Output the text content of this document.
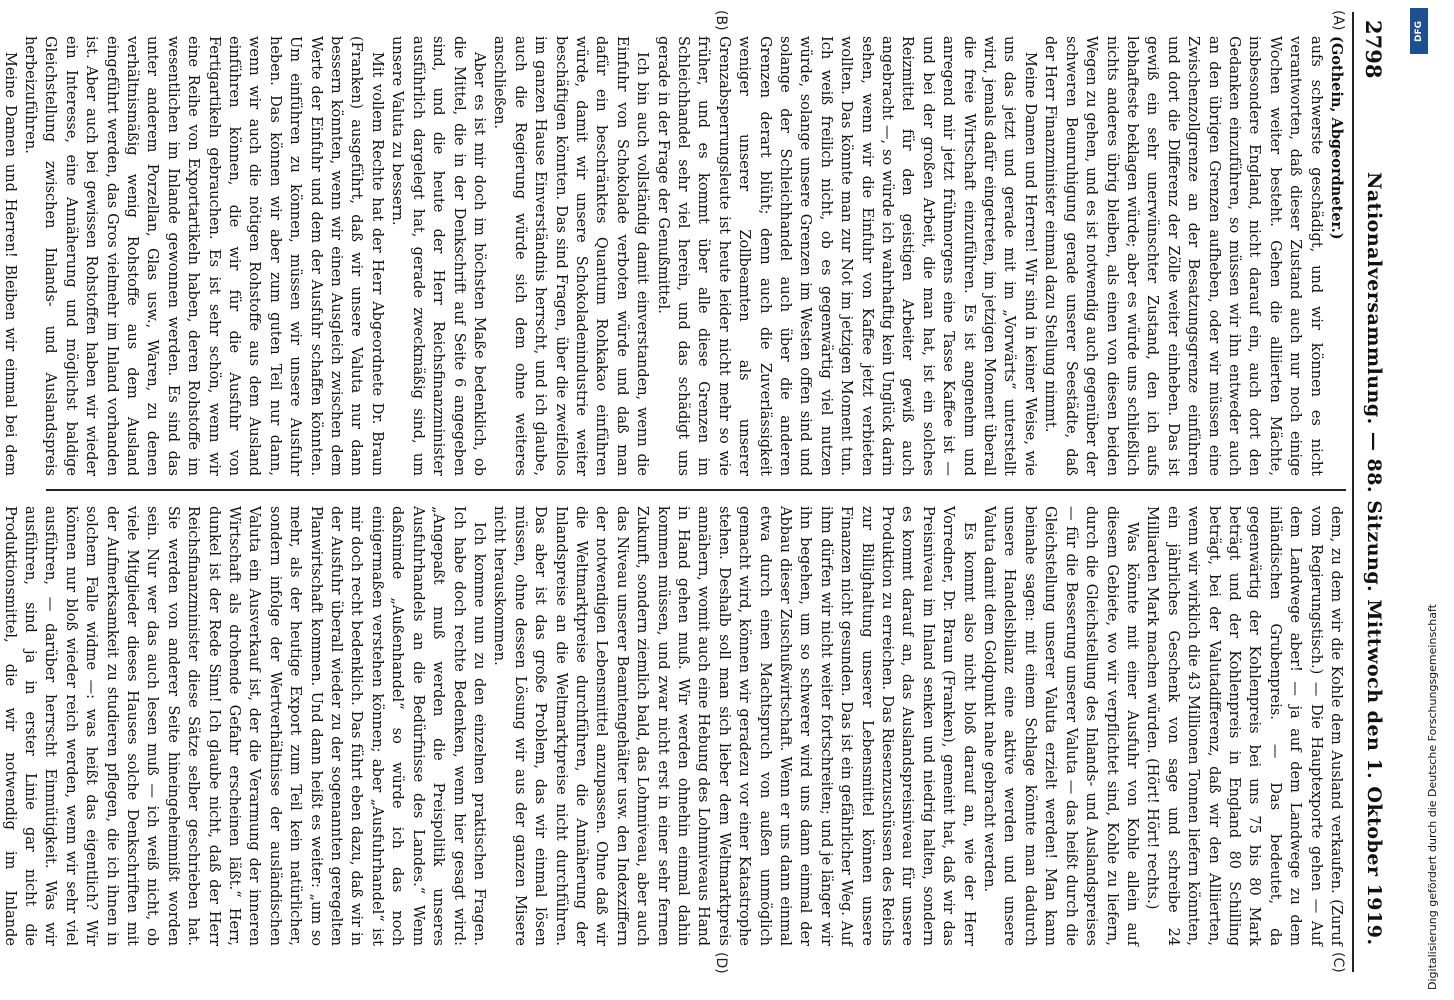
2798
Nationalversammlung. — 88. Sitzung. Mittwoch den 1. Oktober 1919.
(A)
(B)
(C)
(D)

(Gothein, Abgeordneter.)

aufs schwerste geschädigt, und wir können es nicht verantworten, daß dieser Zustand auch nur noch einige Wochen weiter besteht. Gehen die alliierten Mächte, insbesondere England, nicht darauf ein, auch dort den Gedanken einzuführen, so müssen wir ihn entweder auch an den übrigen Grenzen aufheben, oder wir müssen eine Zwischenzollgrenze an der Besatzungsgrenze einführen und dort die Differenz der Zölle weiter einheben. Das ist gewiß ein sehr unerwünschter Zustand, den ich aufs lebhafteste beklagen würde; aber es würde uns schließlich nichts anderes übrig bleiben, als einen von diesen beiden Wegen zu gehen, und es ist notwendig auch gegenüber der schweren Beunruhigung gerade unserer Seestädte, daß der Herr Finanzminister einmal dazu Stellung nimmt.

Meine Damen und Herren! Wir sind in keiner Weise, wie uns das jetzt und gerade mit im „Vorwärts“ unterstellt wird, jemals dafür eingetreten, im jetzigen Moment überall die freie Wirtschaft einzuführen. Es ist angenehm und anregend mir jetzt frühmorgens eine Tasse Kaffee ist — und bei der großen Arbeit, die man hat, ist ein solches Reizmittel für den geistigen Arbeiter gewiß auch angebracht —, so würde ich wahrhaftig kein Unglück darin sehen, wenn wir die Einfuhr von Kaffee jetzt verbieten wollten. Das könnte man zur Not im jetzigen Moment tun. Ich weiß freilich nicht, ob es gegenwärtig viel nutzen würde, solange unsere Grenzen im Westen offen sind und solange der Schleichhandel auch über die anderen Grenzen derart blüht; denn auch die Zuverlässigkeit weniger unserer Zollbeamten als unserer Grenzabsperrungsleute ist heute leider nicht mehr so wie früher, und es kommt über alle diese Grenzen im Schleichhandel sehr viel herein, und das schädigt uns gerade in der Frage der Genußmittel.

Ich bin auch vollständig damit einverstanden, wenn die Einfuhr von Schokolade verboten würde und daß man dafür ein beschränktes Quantum Rohkakao einführen würde, damit wir unsere Schokoladenindustrie weiter beschäftigen könnten. Das sind Fragen, über die zweifellos im ganzen Hause Einverständnis herrscht, und ich glaube, auch die Regierung würde sich dem ohne weiteres anschließen.

Aber es ist mir doch im höchsten Maße bedenklich, ob die Mittel, die in der Denkschrift auf Seite 6 angegeben sind, und die heute der Herr Reichsfinanzminister ausführlich dargelegt hat, gerade zweckmäßig sind, um unsere Valuta zu bessern.

Mit vollem Rechte hat der Herr Abgeordnete Dr. Braun (Franken) ausgeführt, daß wir unsere Valuta nur dann bessern könnten, wenn wir einen Ausgleich zwischen dem Werte der Einfuhr und dem der Ausfuhr schaffen könnten. Um einführen zu können, müssen wir unsere Ausfuhr heben. Das können wir aber zum guten Teil nur dann, wenn wir auch die nötigen Rohstoffe aus dem Ausland einführen können, die wir für die Ausfuhr von Fertigartikeln gebrauchen. Es ist sehr schön, wenn wir eine Reihe von Exportartikeln haben, deren Rohstoffe im wesentlichen im Inlande gewonnen werden. Es sind das unter anderem Porzellan, Glas usw., Waren, zu denen verhältnismäßig wenig Rohstoffe aus dem Ausland eingeführt werden, das Gros vielmehr im Inland vorhanden ist. Aber auch bei gewissen Rohstoffen haben wir wieder ein Interesse, eine Annäherung und möglichst baldige Gleichstellung zwischen Inlands- und Auslandspreis herbeizuführen.

Meine Damen und Herren! Bleiben wir einmal bei dem

dem, zu dem wir die Kohle dem Ausland verkaufen. (Zuruf vom Regierungstisch.) — Die Hauptexporte gehen — Auf dem Landwege aber! — ja auf dem Landwege zu dem inländischen Grubenpreis. — Das bedeutet, da gegenwärtig der Kohlenpreis bei uns 75 bis 80 Mark beträgt und der Kohlenpreis in England 80 Schilling beträgt, bei der Valutadifferenz, daß wir den Alliierten, wenn wir wirklich die 43 Millionen Tonnen liefern könnten, ein jährliches Geschenk von sage und schreibe 24 Milliarden Mark machen würden. (Hört! Hört! rechts.)

Was könnte mit einer Ausfuhr von Kohle allein auf diesem Gebiete, wo wir verpflichtet sind, Kohle zu liefern, durch die Gleichstellung des Inlands- und Auslandspreises — für die Besserung unserer Valuta — das heißt durch die Gleichstellung unserer Valuta erzielt werden! Man kann beinahe sagen: mit einem Schlage könnte man dadurch unsere Handelsbilanz eine aktive werden und unsere Valuta damit dem Goldpunkt nahe gebracht werden.

Es kommt also nicht bloß darauf an, wie der Herr Vorredner, Dr. Braun (Franken), gemeint hat, daß wir das Preisniveau im Inland senken und niedrig halten, sondern es kommt darauf an, das Auslandspreisniveau für unsere Produktion zu erreichen. Das Riesenzuschüssen des Reichs zur Billighaltung unserer Lebensmittel können unsere Finanzen nicht gesunden. Das ist ein gefährlicher Weg. Auf ihm dürfen wir nicht weiter fortschreiten; und je länger wir ihn begehen, um so schwerer wird uns dann einmal der Abbau dieser Zuschußwirtschaft. Wenn er uns dann einmal etwa durch einen Machtspruch von außen unmöglich gemacht wird, können wir geradezu vor einer Katastrophe stehen. Deshalb soll man sich lieber dem Weltmarktpreis annähern, womit auch eine Hebung des Lohnniveaus Hand in Hand gehen muß. Wir werden ohnehin einmal dahin kommen müssen, und zwar nicht erst in einer sehr fernen Zukunft, sondern ziemlich bald, das Lohnniveau, aber auch das Niveau unserer Beamtengehälter usw. den Indexziffern der notwendigen Lebensmittel anzupassen. Ohne daß wir die Weltmarktpreise durchführen, die Annäherung der Inlandspreise an die Weltmarktpreise nicht durchführen. Das aber ist das große Problem, das wir einmal lösen müssen, ohne dessen Lösung wir aus der ganzen Misere nicht herauskommen.

Ich komme nun zu den einzelnen praktischen Fragen. Ich habe doch rechte Bedenken, wenn hier gesagt wird: „Angepaßt muß werden die Preispolitik unseres Ausfuhrhandels an die Bedürfnisse des Landes.“ Wenn daßnimde „Außenhandel“ so würde ich das noch einigermaßen verstehen können; aber „Ausfuhrhandel“ ist mir doch recht bedenklich. Das führt eben dazu, daß wir in der Ausfuhr überall wieder zu der sogenannten geregelten Planwirtschaft kommen. Und dann heißt es weiter: „um so mehr, als der heutige Export zum Teil kein natürlicher, sondern infolge der Wertverhältnisse der ausländischen Valuta ein Ausverkauf ist, der die Verarmung der inneren Wirtschaft als drohende Gefahr erscheinen läßt.“ Herr, dunkel ist der Rede Sinn! Ich glaube nicht, daß der Herr Reichsfinanzminister diese Sätze selber geschrieben hat. Sie werden von anderer Seite hineingeheimnißt worden sein. Nur wer das auch lesen muß — ich weiß nicht, ob viele Mitglieder dieses Hauses solche Denkschriften mit der Aufmerksamkeit zu studieren pflegen, die ich ihnen in solchem Falle widme —: was heißt das eigentlich? Wir können nur bloß wieder reich werden, wenn wir sehr viel ausführen, — darüber herrscht Einmütigkeit. Was wir ausführen, sind ja in erster Linie gar nicht die Produktionsmittel, die wir notwendig im Inlande

DFG
Digitalisierung gefördert durch die Deutsche Forschungsgemeinschaft
